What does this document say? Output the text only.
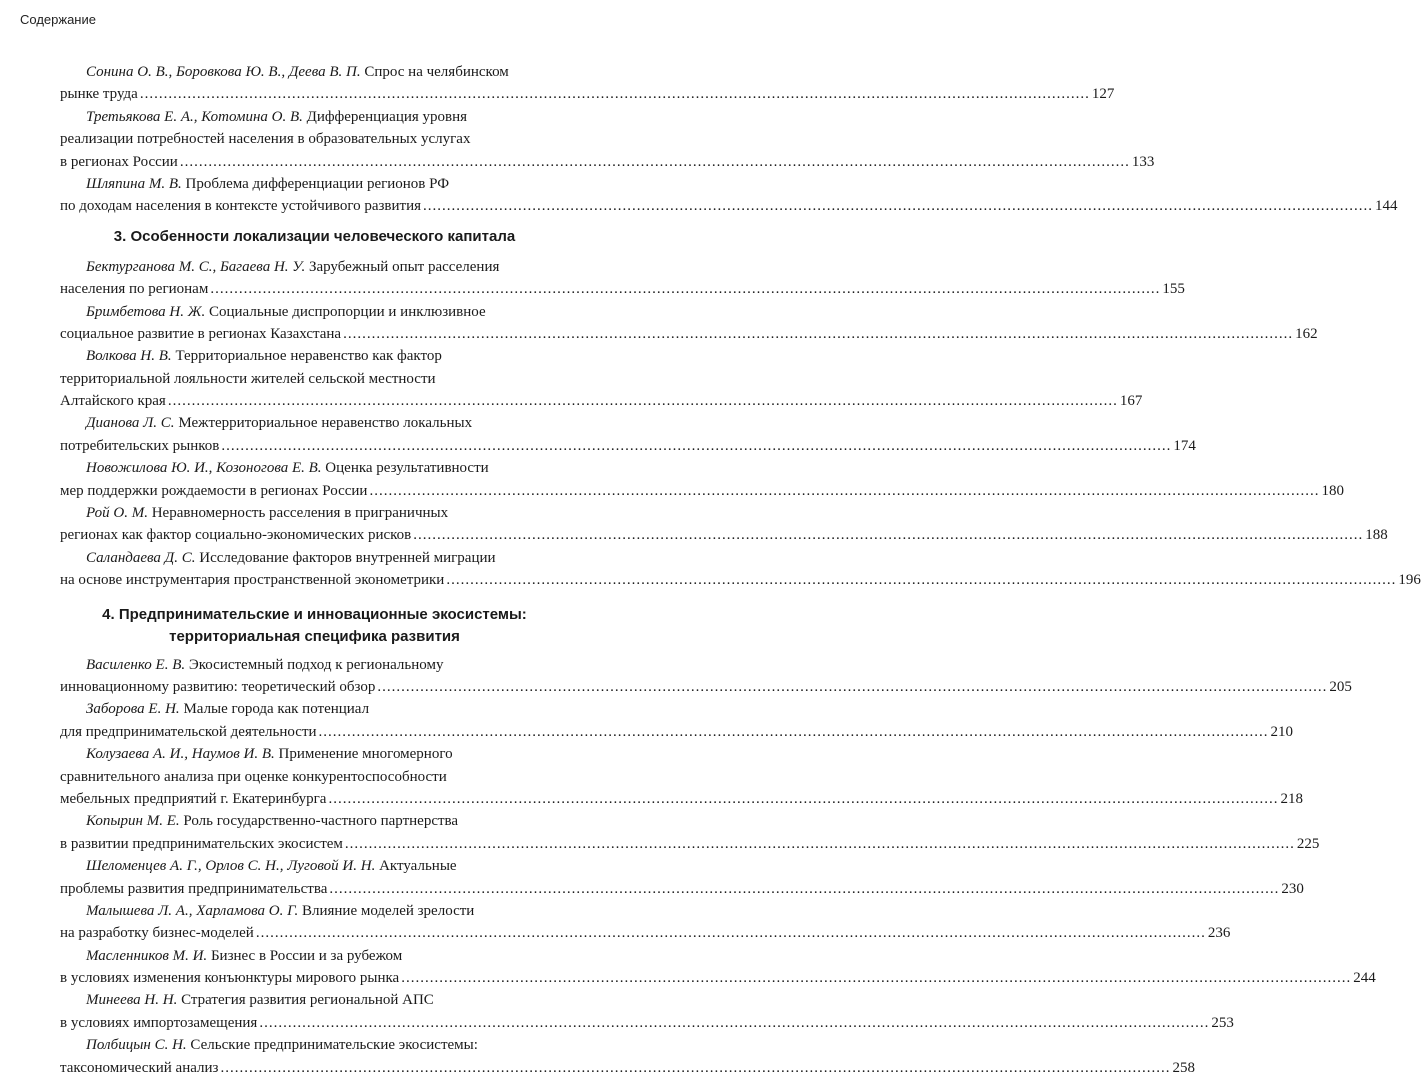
Содержание
Сонина О. В., Боровкова Ю. В., Деева В. П. Спрос на челябинском
рынке труда ........................................................................................................................................................................................................ 127
Третьякова Е. А., Котомина О. В. Дифференциация уровня
реализации потребностей населения в образовательных услугах
в регионах России ........................................................................................................................................................................................................ 133
Шляпина М. В. Проблема дифференциации регионов РФ
по доходам населения в контексте устойчивого развития ........................................................................................................................................................................................................ 144
3. Особенности локализации человеческого капитала
Бектурганова М. С., Багаева Н. У. Зарубежный опыт расселения
населения по регионам ........................................................................................................................................................................................................ 155
Бримбетова Н. Ж. Социальные диспропорции и инклюзивное
социальное развитие в регионах Казахстана ........................................................................................................................................................................................................ 162
Волкова Н. В. Территориальное неравенство как фактор
территориальной лояльности жителей сельской местности
Алтайского края ........................................................................................................................................................................................................ 167
Дианова Л. С. Межтерриториальное неравенство локальных
потребительских рынков ........................................................................................................................................................................................................ 174
Новожилова Ю. И., Козоногова Е. В. Оценка результативности
мер поддержки рождаемости в регионах России ........................................................................................................................................................................................................ 180
Рой О. М. Неравномерность расселения в приграничных
регионах как фактор социально-экономических рисков ........................................................................................................................................................................................................ 188
Саландаева Д. С. Исследование факторов внутренней миграции
на основе инструментария пространственной эконометрики ........................................................................................................................................................................................................ 196
4. Предпринимательские и инновационные экосистемы:
территориальная специфика развития
Василенко Е. В. Экосистемный подход к региональному
инновационному развитию: теоретический обзор ........................................................................................................................................................................................................ 205
Заборова Е. Н. Малые города как потенциал
для предпринимательской деятельности ........................................................................................................................................................................................................ 210
Колузаева А. И., Наумов И. В. Применение многомерного
сравнительного анализа при оценке конкурентоспособности
мебельных предприятий г. Екатеринбурга ........................................................................................................................................................................................................ 218
Копырин М. Е. Роль государственно-частного партнерства
в развитии предпринимательских экосистем ........................................................................................................................................................................................................ 225
Шеломенцев А. Г., Орлов С. Н., Луговой И. Н. Актуальные
проблемы развития предпринимательства ........................................................................................................................................................................................................ 230
Малышева Л. А., Харламова О. Г. Влияние моделей зрелости
на разработку бизнес-моделей ........................................................................................................................................................................................................ 236
Масленников М. И. Бизнес в России и за рубежом
в условиях изменения конъюнктуры мирового рынка ........................................................................................................................................................................................................ 244
Минеева Н. Н. Стратегия развития региональной АПС
в условиях импортозамещения ........................................................................................................................................................................................................ 253
Полбицын С. Н. Сельские предпринимательские экосистемы:
таксономический анализ ........................................................................................................................................................................................................ 258
